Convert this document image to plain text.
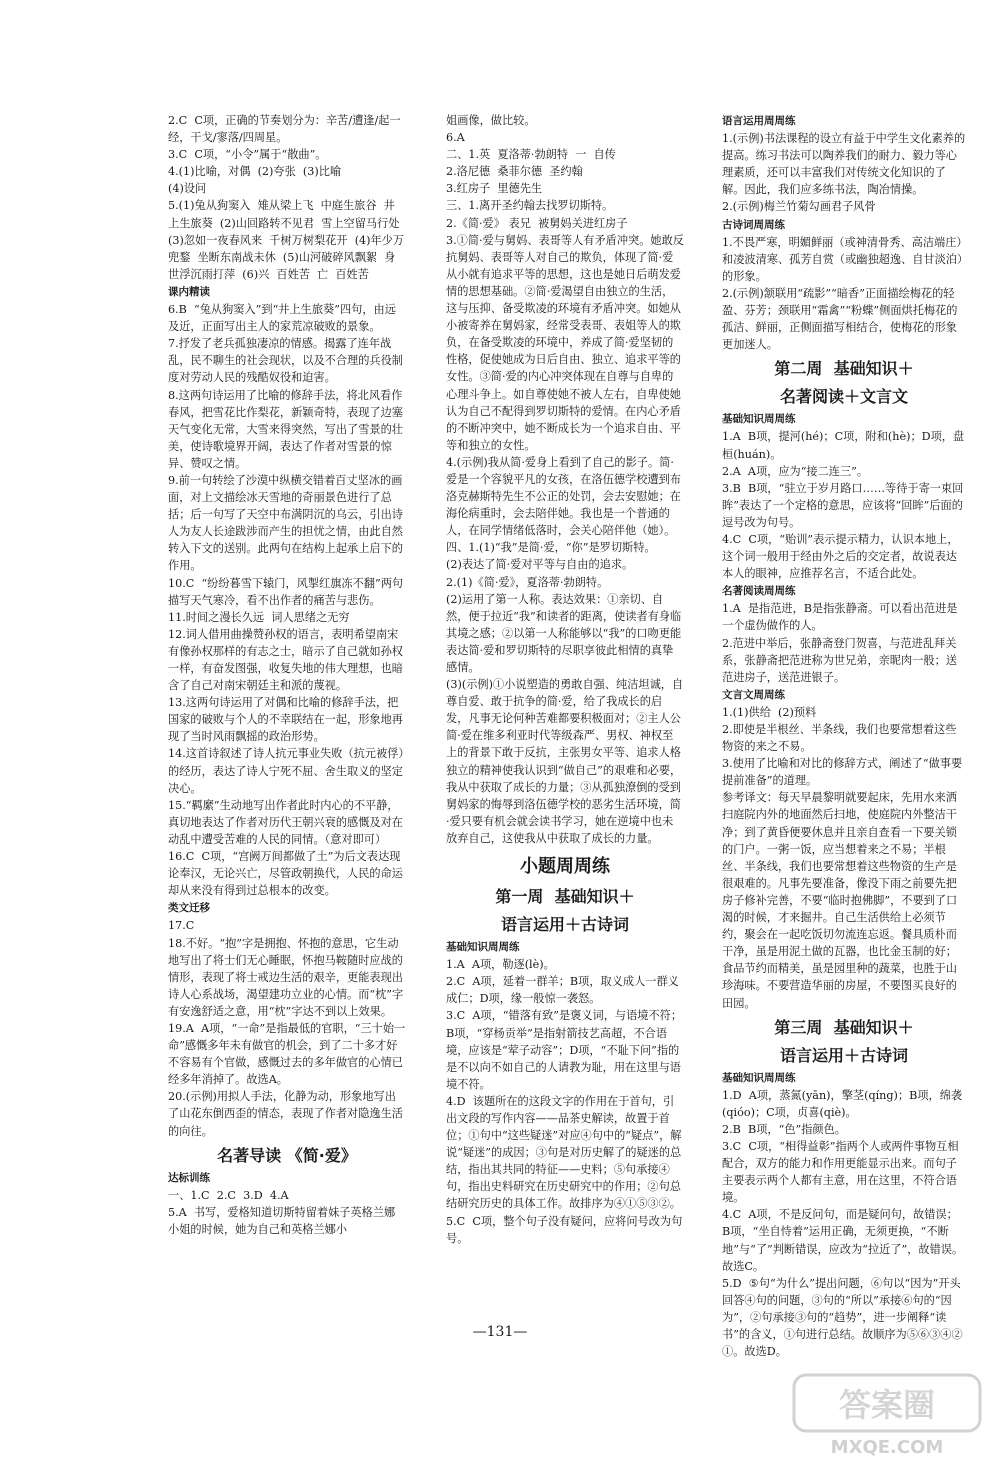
2.C  C项，正确的节奏划分为：辛苦/遭逢/起一经，干戈/寥落/四周星。

3.C  C项，“小令”属于“散曲”。

4.(1)比喻，对偶  (2)夸张  (3)比喻

(4)设问

5.(1)兔从狗窦入  雉从梁上飞  中庭生旅谷  井上生旅葵  (2)山回路转不见君  雪上空留马行处  (3)忽如一夜春风来  千树万树梨花开  (4)年少万兜鍪  坐断东南战未休  (5)山河破碎风飘絮  身世浮沉雨打萍  (6)兴  百姓苦  亡  百姓苦

课内精读

6.B  “兔从狗窦入”到“井上生旅葵”四句，由远及近，正面写出主人的家荒凉破败的景象。

7.抒发了老兵孤独凄凉的情感。揭露了连年战乱，民不聊生的社会现状，以及不合理的兵役制度对劳动人民的残酷奴役和迫害。

8.这两句诗运用了比喻的修辞手法，将北风看作春风，把雪花比作梨花，新颖奇特，表现了边塞天气变化无常，大雪来得突然，写出了雪景的壮美，使诗歌境界开阔，表达了作者对雪景的惊异、赞叹之情。

9.前一句转绘了沙漠中纵横交错着百丈坚冰的画面，对上文描绘冰天雪地的奇丽景色进行了总括；后一句写了天空中布满阴沉的乌云，引出诗人为友人长途跋涉而产生的担忧之情，由此自然转入下文的送别。此两句在结构上起承上启下的作用。

10.C  “纷纷暮雪下辕门，风掣红旗冻不翻”两句描写天气寒冷，看不出作者的痛苦与悲伤。

11.时间之漫长久远  词人思绪之无穷

12.词人借用曲操赞孙权的语言，表明希望南宋有像孙权那样的有志之士，暗示了自己就如孙权一样，有奋发图强，收复失地的伟大理想，也暗含了自己对南宋朝廷主和派的蔑视。

13.这两句诗运用了对偶和比喻的修辞手法，把国家的破败与个人的不幸联结在一起，形象地再现了当时风雨飘摇的政治形势。

14.这首诗叙述了诗人抗元事业失败（抗元被俘）的经历，表达了诗人宁死不屈、舍生取义的坚定决心。

15.“羁縻”生动地写出作者此时内心的不平静，真切地表达了作者对历代王朝兴衰的感慨及对在动乱中遭受苦难的人民的同情。（意对即可）

16.C  C项，“宫阙万间都做了土”为后文表达现论奉汉，无论兴亡，尽管政朝换代，人民的命运却从来没有得到过总根本的改变。

类文迁移

17.C

18.不好。“抱”字是拥抱、怀抱的意思，它生动地写出了将士们无心睡眠，怀抱马鞍随时应战的情形，表现了将士戒边生活的艰辛，更能表现出诗人心系战场，渴望建功立业的心情。而“枕”字有安逸舒适之意，用“枕”字达不到以上效果。

19.A  A项，“一命”是指最低的官职，“三十始一命”感慨多年未有做官的机会，到了二十多才好不容易有个官做，感慨过去的多年做官的心情已经多年消掉了。故选A。

20.(示例)用拟人手法，化静为动，形象地写出了山花东倒西歪的情态，表现了作者对隐逸生活的向往。

名著导读 《简·爱》

达标训练

一、1.C  2.C  3.D  4.A

5.A  书写，爱格知道切斯特留着妹子英格兰娜小姐的时候，她为自己和英格兰娜小

姐画像，做比较。

6.A

二、1.英  夏洛蒂·勃朗特  一  自传

2.洛尼德  桑菲尔德  圣约翰

3.红房子  里德先生

三、1.离开圣约翰去找罗切斯特。

2.《简·爱》 表兄  被舅妈关进红房子

3.①简·爱与舅妈、表哥等人有矛盾冲突。她敢反抗舅妈、表哥等人对自己的欺负，体现了简·爱从小就有追求平等的思想，这也是她日后萌发爱情的思想基础。②简·爱渴望自由独立的生活，这与压抑、备受欺凌的环境有矛盾冲突。如她从小被寄养在舅妈家，经常受表哥、表姐等人的欺负，在备受欺凌的环境中，养成了简·爱坚韧的性格，促使她成为日后自由、独立、追求平等的女性。③简·爱的内心冲突体现在自尊与自卑的心理斗争上。如自尊使她不被人左右，自卑使她认为自己不配得到罗切斯特的爱情。在内心矛盾的不断冲突中，她不断成长为一个追求自由、平等和独立的女性。

4.(示例)我从简·爱身上看到了自己的影子。简·爱是一个容貌平凡的女孩，在洛伍德学校遭到布洛克赫斯特先生不公正的处罚，会去安慰她；在海伦病重时，会去陪伴她。我也是一个普通的人，在同学情绪低落时，会关心陪伴他（她）。

四、1.(1)“我”是简·爱，“你”是罗切斯特。

(2)表达了简·爱对平等与自由的追求。

2.(1)《简·爱》，夏洛蒂·勃朗特。

(2)运用了第一人称。表达效果：①亲切、自然，便于拉近“我”和读者的距离，使读者有身临其境之感；②以第一人称能够以“我”的口吻更能表达简·爱和罗切斯特的尽职享彼此相情的真挚感情。

(3)(示例)①小说塑造的勇敢自强、纯洁坦诚，自尊自爱、敢于抗争的简·爱，给了我成长的启发，凡事无论何种苦难都要积极面对；②主人公简·爱在维多利亚时代等级森严、男权、神权至上的背景下敢于反抗，主张男女平等、追求人格独立的精神使我认识到“做自己”的艰难和必要，我从中获取了成长的力量；③从孤独潦倒的受到舅妈家的悔辱到洛伍德学校的恶劣生活环境，简·爱只要有机会就会读书学习，她在逆境中也未放弃自己，这使我从中获取了成长的力量。

小题周周练

第一周  基础知识＋

语言运用＋古诗词

基础知识周周练

1.A  A项，勒逐(lè)。

2.C  A项，延着一群羊；B项，取义成人一群义成仁；D项，缘一般惊一袭怒。

3.C  A项，“错落有致”是褒义词，与语境不符；B项，“穿杨贡举”是指射箭技艺高超，不合语境，应该是“荤子动容”；D项，“不耻下问”指的是不以向不如自己的人请教为耻，用在这里与语境不符。

4.D  该题所在的这段文字的作用在于首句，引出文段的写作内容——品茶史解读，故置于首位；①句中“这些疑迷”对应④句中的“疑点”，解说“疑迷”的成因；③句是对历史解了的疑迷的总结，指出其共同的特征——史料；⑤句承接④句，指出史料研究在历史研究中的作用；②句总结研究历史的具体工作。故排序为④①⑤③②。

5.C  C项，整个句子没有疑问，应将问号改为句号。

语言运用周周练

1.(示例)书法课程的设立有益于中学生文化素养的提高。练习书法可以陶养我们的耐力、毅力等心理素质，还可以丰富我们对传统文化知识的了解。因此，我们应多练书法，陶冶情操。

2.(示例)梅兰竹菊勾画君子风骨

古诗词周周练

1.不畏严寒，明媚鲜丽（或神清骨秀、高洁端庄）和凌波清寒、孤芳自赏（或幽独超逸、自甘淡泊）的形象。

2.(示例)颔联用“疏影”“暗香”正面描绘梅花的轻盈、芬芳；颈联用“霜禽”“粉蝶”侧面烘托梅花的孤洁、鲜丽，正侧面描写相结合，使梅花的形象更加迷人。

第二周  基础知识＋

名著阅读＋文言文

基础知识周周练

1.A  B项，提河(hé)；C项，附和(hè)；D项，盘桓(huán)。

2.A  A项，应为“接二连三”。

3.B  B项，“驻立于岁月路口……等待于寄一束回眸”表达了一个定格的意思，应该将“回眸”后面的逗号改为句号。

4.C  C项，“贻训”表示提示精力，认识本地上，这个词一般用于经由外之后的交定者，故说表达本人的眼神，应推荐名言，不适合此处。

名著阅读周周练

1.A  是指范进，B是指张静斋。可以看出范进是一个虚伪做作的人。

2.范进中举后，张静斋登门贺喜，与范进乱拜关系，张静斋把范进称为世兄弟，亲昵肉一般；送范进房子，送范进银子。

文言文周周练

1.(1)供给  (2)预料

2.即使是半根丝、半条线，我们也要常想着这些物资的来之不易。

3.使用了比喻和对比的修辞方式，阐述了“做事要提前准备”的道理。

参考译文：每天早晨黎明就要起床，先用水来洒扫庭院内外的地面然后扫地，使庭院内外整洁干净；到了黄昏便要休息并且亲自查看一下要关锁的门户。一粥一饭，应当想着来之不易；半根丝、半条线，我们也要常想着这些物资的生产是很艰难的。凡事先要准备，像没下雨之前要先把房子修补完善，不要“临时抱佛脚”，不要到了口渴的时候，才来掘井。自己生活供给上必须节约，聚会在一起吃饭切勿流连忘返。餐具质朴而干净，虽是用泥土做的瓦器，也比金玉制的好；食品节约而精美，虽是园里种的蔬菜，也胜于山珍海味。不要营造华丽的房屋，不要图买良好的田园。

第三周  基础知识＋

语言运用＋古诗词

基础知识周周练

1.D  A项，蒸氮(yān)，擎茎(qíng)；B项，绵袭(qióo)；C项，贞喜(qiè)。

2.B  B项，“色”指颜色。

3.C  C项，“相得益彰”指两个人或两件事物互相配合，双方的能力和作用更能显示出来。而句子主要表示两个人都有主意，用在这里，不符合语境。

4.C  A项，不是反问句，而是疑问句，故错误；B项，“坐自恃着”运用正确，无须更换，“不断地”与“了”判断错误，应改为“拉近了”，故错误。故选C。

5.D  ⑤句“为什么”提出问题，⑥句以“因为”开头回答④句的问题，③句的“所以”承接⑥句的“因为”，②句承接③句的“趋势”，进一步阐释“读书”的含义，①句进行总结。故顺序为⑤⑥③④②①。故选D。

—131—
答案圈
MXQE.COM
